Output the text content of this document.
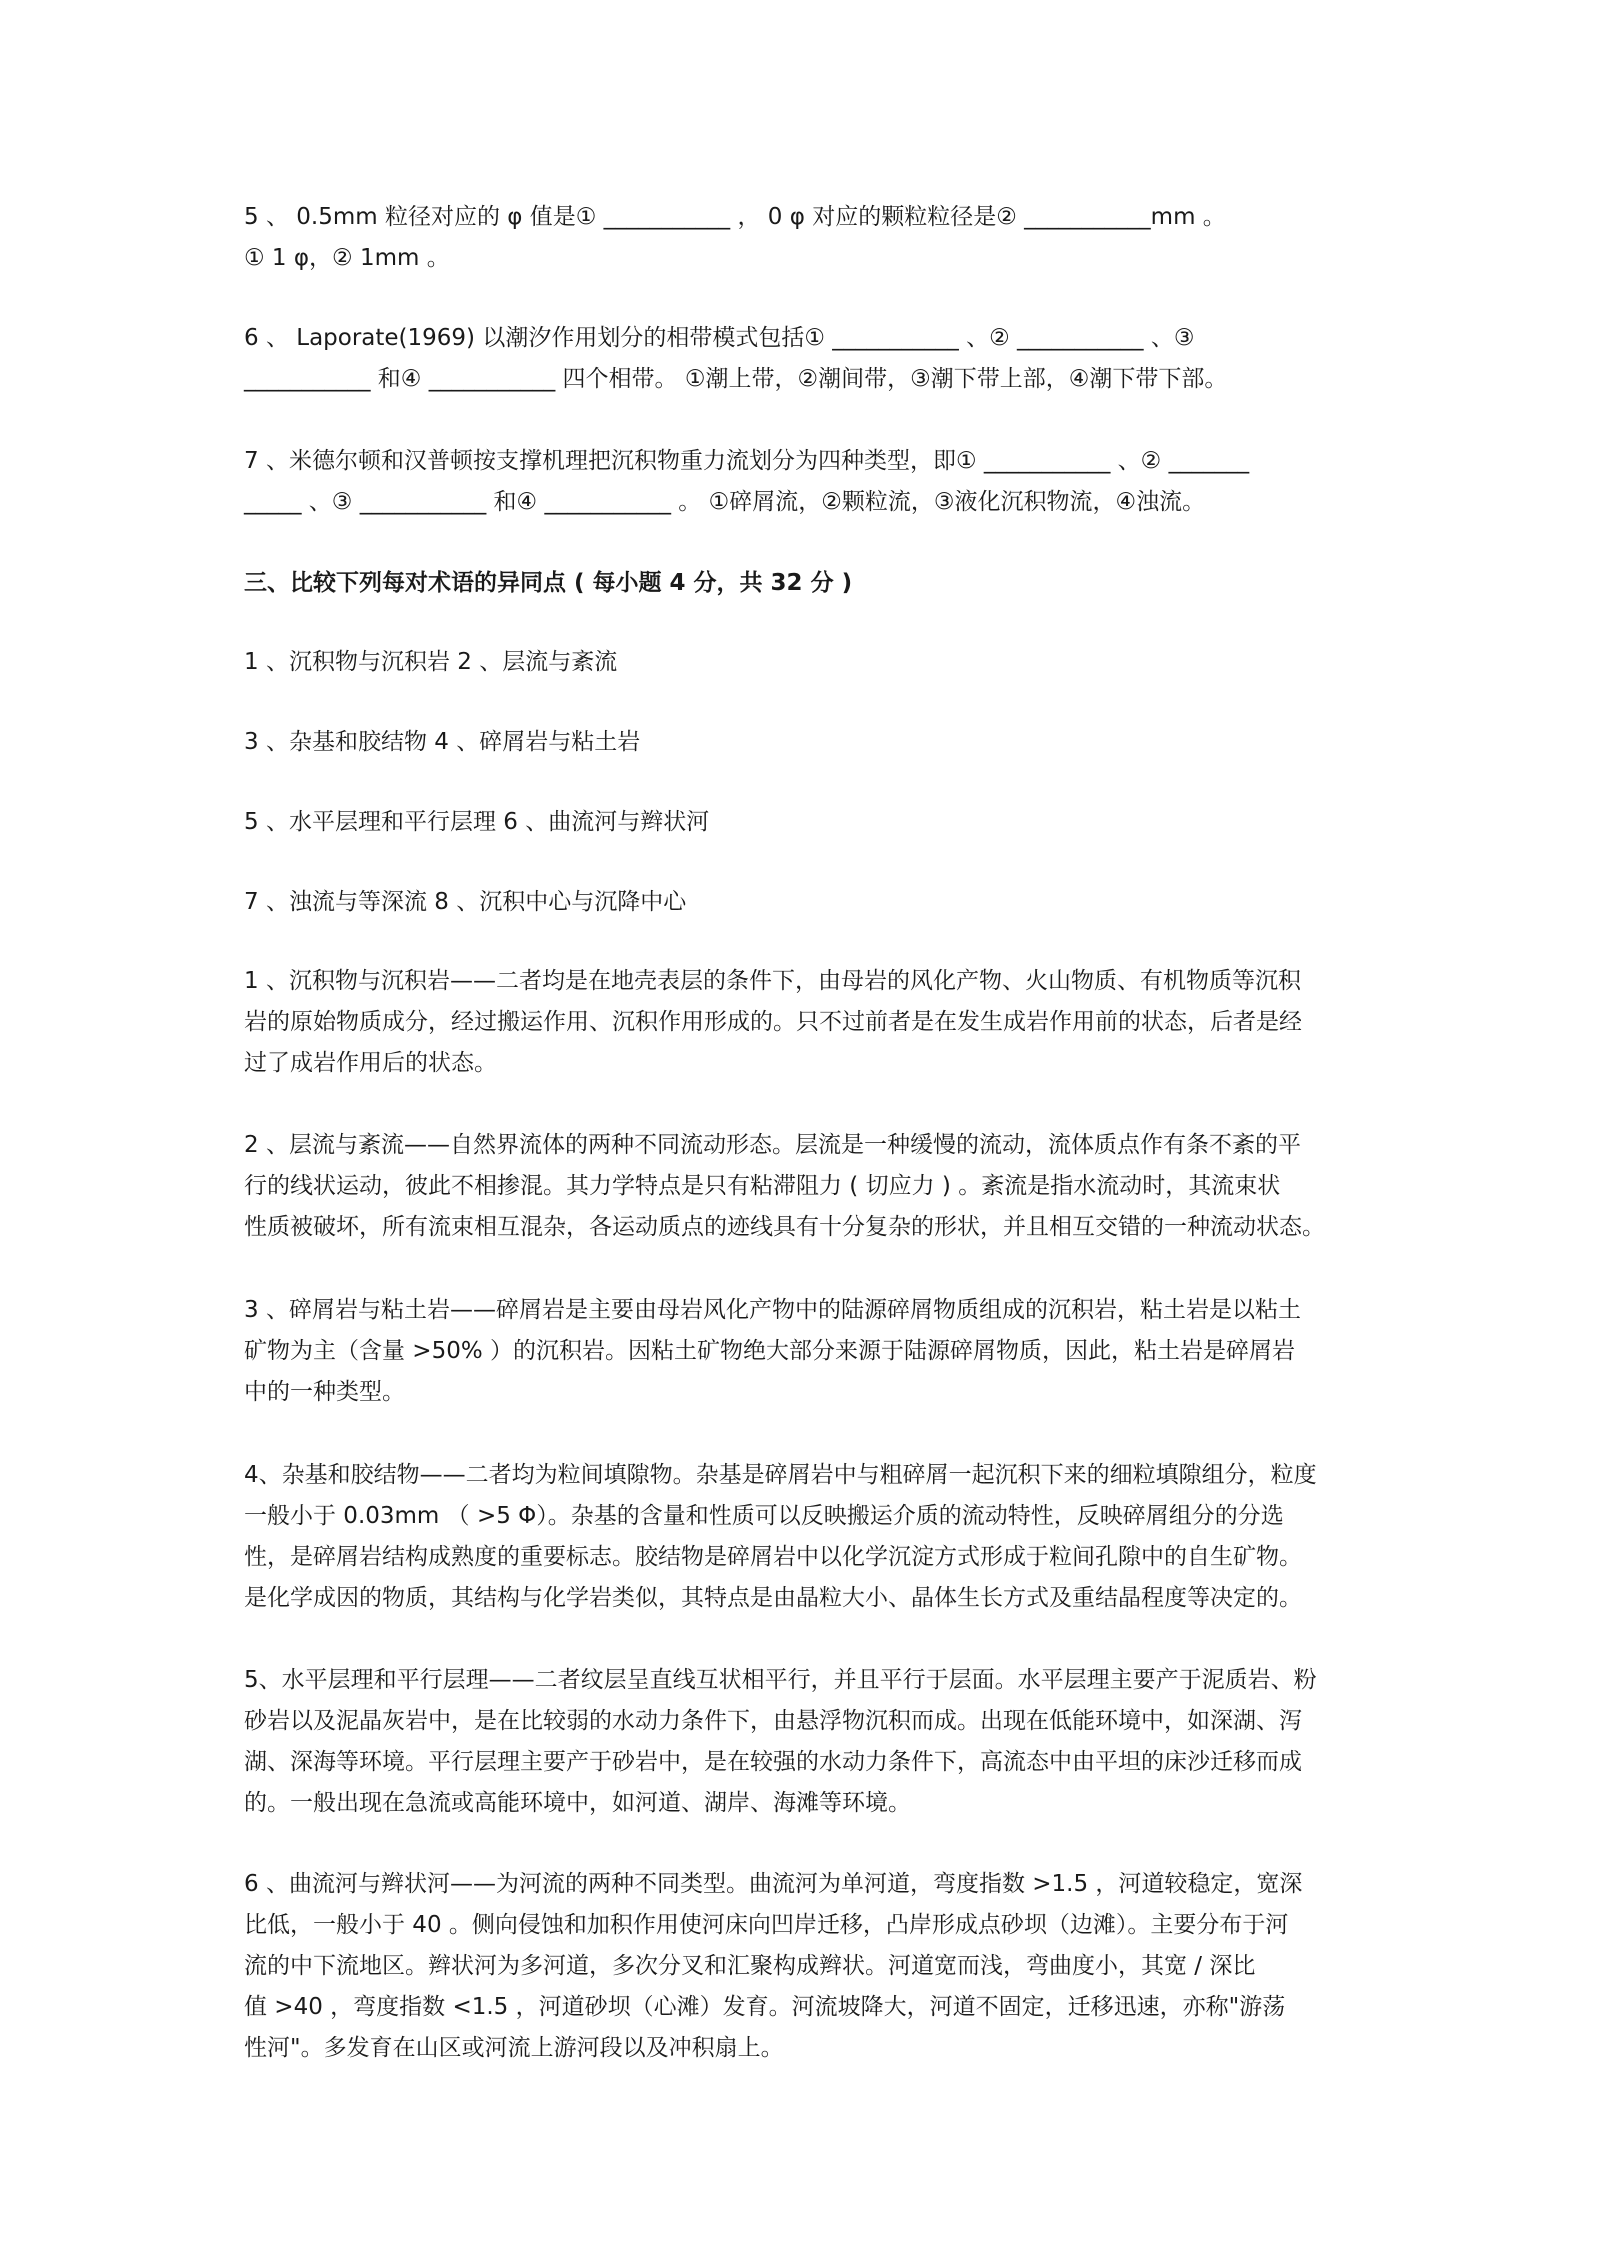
5 、 0.5mm 粒径对应的 φ 值是① ___________ ， 0 φ 对应的颗粒粒径是② ___________mm 。
① 1 φ，② 1mm 。
6 、 Laporate(1969) 以潮汐作用划分的相带模式包括① ___________ 、② ___________ 、③
___________ 和④ ___________ 四个相带。 ①潮上带，②潮间带，③潮下带上部，④潮下带下部。
7 、米德尔顿和汉普顿按支撑机理把沉积物重力流划分为四种类型，即① ___________ 、② _______
_____ 、③ ___________ 和④ ___________ 。 ①碎屑流，②颗粒流，③液化沉积物流，④浊流。
三、比较下列每对术语的异同点 ( 每小题 4 分，共 32 分 )
1 、沉积物与沉积岩 2 、层流与紊流
3 、杂基和胶结物 4 、碎屑岩与粘土岩
5 、水平层理和平行层理 6 、曲流河与辫状河
7 、浊流与等深流 8 、沉积中心与沉降中心
1 、沉积物与沉积岩——二者均是在地壳表层的条件下，由母岩的风化产物、火山物质、有机物质等沉积
岩的原始物质成分，经过搬运作用、沉积作用形成的。只不过前者是在发生成岩作用前的状态，后者是经
过了成岩作用后的状态。
2 、层流与紊流——自然界流体的两种不同流动形态。层流是一种缓慢的流动，流体质点作有条不紊的平
行的线状运动，彼此不相掺混。其力学特点是只有粘滞阻力 ( 切应力 ) 。紊流是指水流动时，其流束状
性质被破坏，所有流束相互混杂，各运动质点的迹线具有十分复杂的形状，并且相互交错的一种流动状态。
3 、碎屑岩与粘土岩——碎屑岩是主要由母岩风化产物中的陆源碎屑物质组成的沉积岩，粘土岩是以粘土
矿物为主（含量 >50% ）的沉积岩。因粘土矿物绝大部分来源于陆源碎屑物质，因此，粘土岩是碎屑岩
中的一种类型。
4、杂基和胶结物——二者均为粒间填隙物。杂基是碎屑岩中与粗碎屑一起沉积下来的细粒填隙组分，粒度
一般小于 0.03mm （ >5 Φ）。杂基的含量和性质可以反映搬运介质的流动特性，反映碎屑组分的分选
性，是碎屑岩结构成熟度的重要标志。胶结物是碎屑岩中以化学沉淀方式形成于粒间孔隙中的自生矿物。
是化学成因的物质，其结构与化学岩类似，其特点是由晶粒大小、晶体生长方式及重结晶程度等决定的。
5、水平层理和平行层理——二者纹层呈直线互状相平行，并且平行于层面。水平层理主要产于泥质岩、粉
砂岩以及泥晶灰岩中，是在比较弱的水动力条件下，由悬浮物沉积而成。出现在低能环境中，如深湖、泻
湖、深海等环境。平行层理主要产于砂岩中，是在较强的水动力条件下，高流态中由平坦的床沙迁移而成
的。一般出现在急流或高能环境中，如河道、湖岸、海滩等环境。
6 、曲流河与辫状河——为河流的两种不同类型。曲流河为单河道，弯度指数 >1.5 ，河道较稳定，宽深
比低，一般小于 40 。侧向侵蚀和加积作用使河床向凹岸迁移，凸岸形成点砂坝（边滩）。主要分布于河
流的中下流地区。辫状河为多河道，多次分叉和汇聚构成辫状。河道宽而浅，弯曲度小，其宽 / 深比
值 >40 ，弯度指数 <1.5 ，河道砂坝（心滩）发育。河流坡降大，河道不固定，迁移迅速，亦称"游荡
性河"。多发育在山区或河流上游河段以及冲积扇上。
